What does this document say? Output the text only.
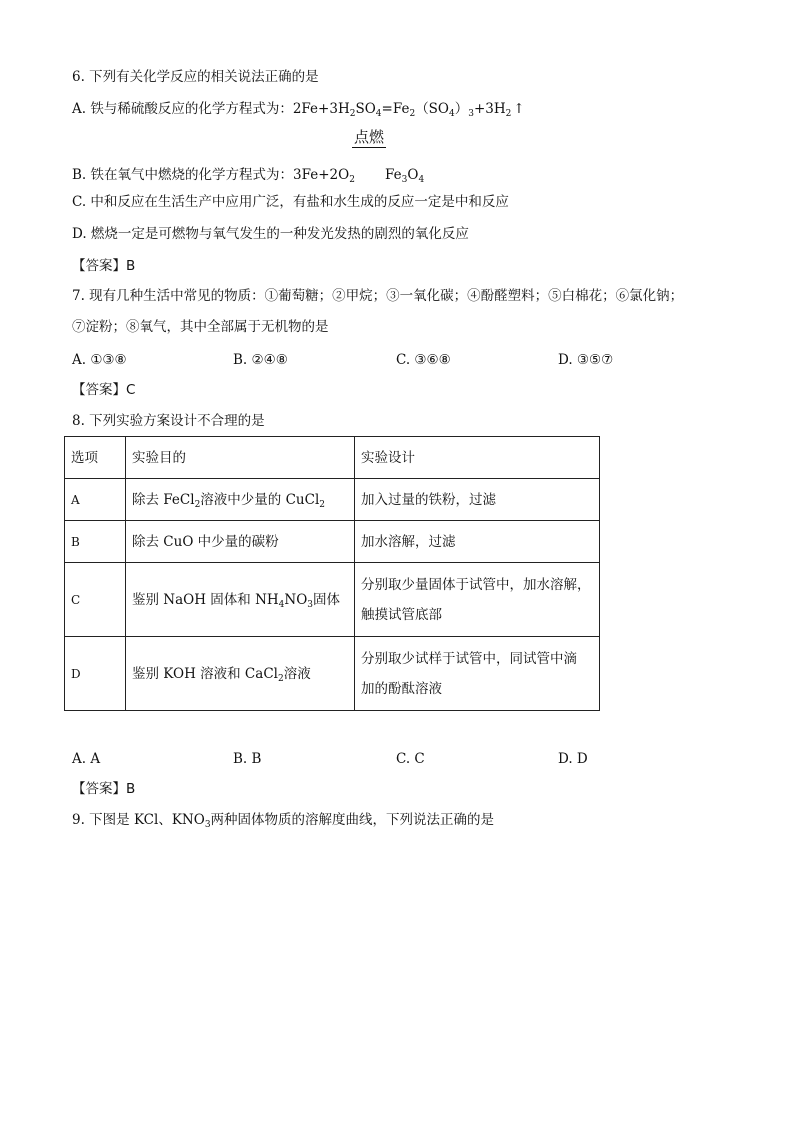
6. 下列有关化学反应的相关说法正确的是
A. 铁与稀硫酸反应的化学方程式为：$2Fe+3H_2SO_4=Fe_2(SO_4)_3+3H_2$ ↑
点燃
B. 铁在氧气中燃烧的化学方程式为：$3Fe+2O_2$ $Fe_3O_4$
C. 中和反应在生活生产中应用广泛，有盐和水生成的反应一定是中和反应
D. 燃烧一定是可燃物与氧气发生的一种发光发热的剧烈的氧化反应
【答案】B
7. 现有几种生活中常见的物质：①葡萄糖；②甲烷；③一氧化碳；④酚醛塑料；⑤白棉花；⑥氯化钠；
⑦淀粉；⑧氧气，其中全部属于无机物的是
A. ①③⑧	B. ②④⑧	C. ③⑥⑧	D. ③⑤⑦
【答案】C
8. 下列实验方案设计不合理的是
选项	实验目的	实验设计
A	除去 FeCl$_2$溶液中少量的 CuCl$_2$	加入过量的铁粉，过滤
B	除去 CuO 中少量的碳粉	加水溶解，过滤
C	鉴别 NaOH 固体和 $NH_4NO_3$固体	分别取少量固体于试管中，加水溶解，
触摸试管底部

D	鉴别 KOH 溶液和 CaCl$_2$溶液	分别取少试样于试管中，同试管中滴
加的酚酞溶液
A. A	B. B	C. C	D. D
【答案】B
9. 下图是 KCl、$KNO_3$两种固体物质的溶解度曲线，下列说法正确的是
